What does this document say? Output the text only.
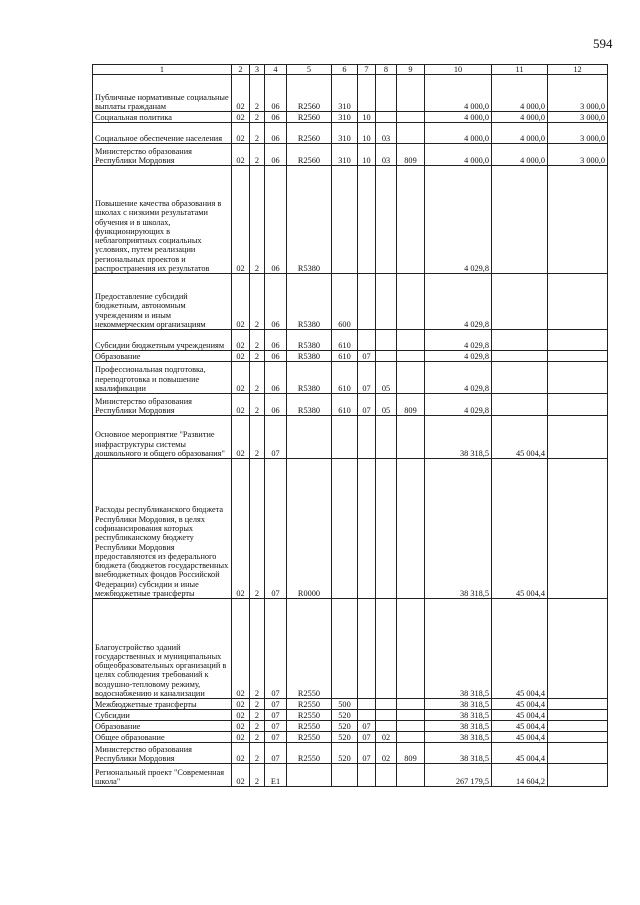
594
1	2	3	4	5	6	7	8	9	10	11	12
Публичные нормативные социальные выплаты гражданам	02	2	06	R2560	310				4 000,0	4 000,0	3 000,0
Социальная политика	02	2	06	R2560	310	10			4 000,0	4 000,0	3 000,0
Социальное обеспечение населения	02	2	06	R2560	310	10	03		4 000,0	4 000,0	3 000,0
Министерство образования Республики Мордовия	02	2	06	R2560	310	10	03	809	4 000,0	4 000,0	3 000,0
Повышение качества образования в школах с низкими результатами обучения и в школах, функционирующих в неблагоприятных социальных условиях, путем реализации региональных проектов и распространения их результатов	02	2	06	R5380					4 029,8		
Предоставление субсидий бюджетным, автономным учреждениям и иным некоммерческим организациям	02	2	06	R5380	600				4 029,8		
Субсидии бюджетным учреждениям	02	2	06	R5380	610				4 029,8		
Образование	02	2	06	R5380	610	07			4 029,8		
Профессиональная подготовка, переподготовка и повышение квалификации	02	2	06	R5380	610	07	05		4 029,8		
Министерство образования Республики Мордовия	02	2	06	R5380	610	07	05	809	4 029,8		
Основное мероприятие "Развитие инфраструктуры системы дошкольного и общего образования"	02	2	07						38 318,5	45 004,4	
Расходы республиканского бюджета Республики Мордовия, в целях софинансирования которых республиканскому бюджету Республики Мордовия предоставляются из федерального бюджета (бюджетов государственных внебюджетных фондов Российской Федерации) субсидии и иные межбюджетные трансферты	02	2	07	R0000					38 318,5	45 004,4	
Благоустройство зданий государственных и муниципальных общеобразовательных организаций в целях соблюдения требований к воздушно-тепловому режиму, водоснабжению и канализации	02	2	07	R2550					38 318,5	45 004,4	
Межбюджетные трансферты	02	2	07	R2550	500				38 318,5	45 004,4	
Субсидии	02	2	07	R2550	520				38 318,5	45 004,4	
Образование	02	2	07	R2550	520	07			38 318,5	45 004,4	
Общее образование	02	2	07	R2550	520	07	02		38 318,5	45 004,4	
Министерство образования Республики Мордовия	02	2	07	R2550	520	07	02	809	38 318,5	45 004,4	
Региональный проект "Современная школа"	02	2	E1						267 179,5	14 604,2	
